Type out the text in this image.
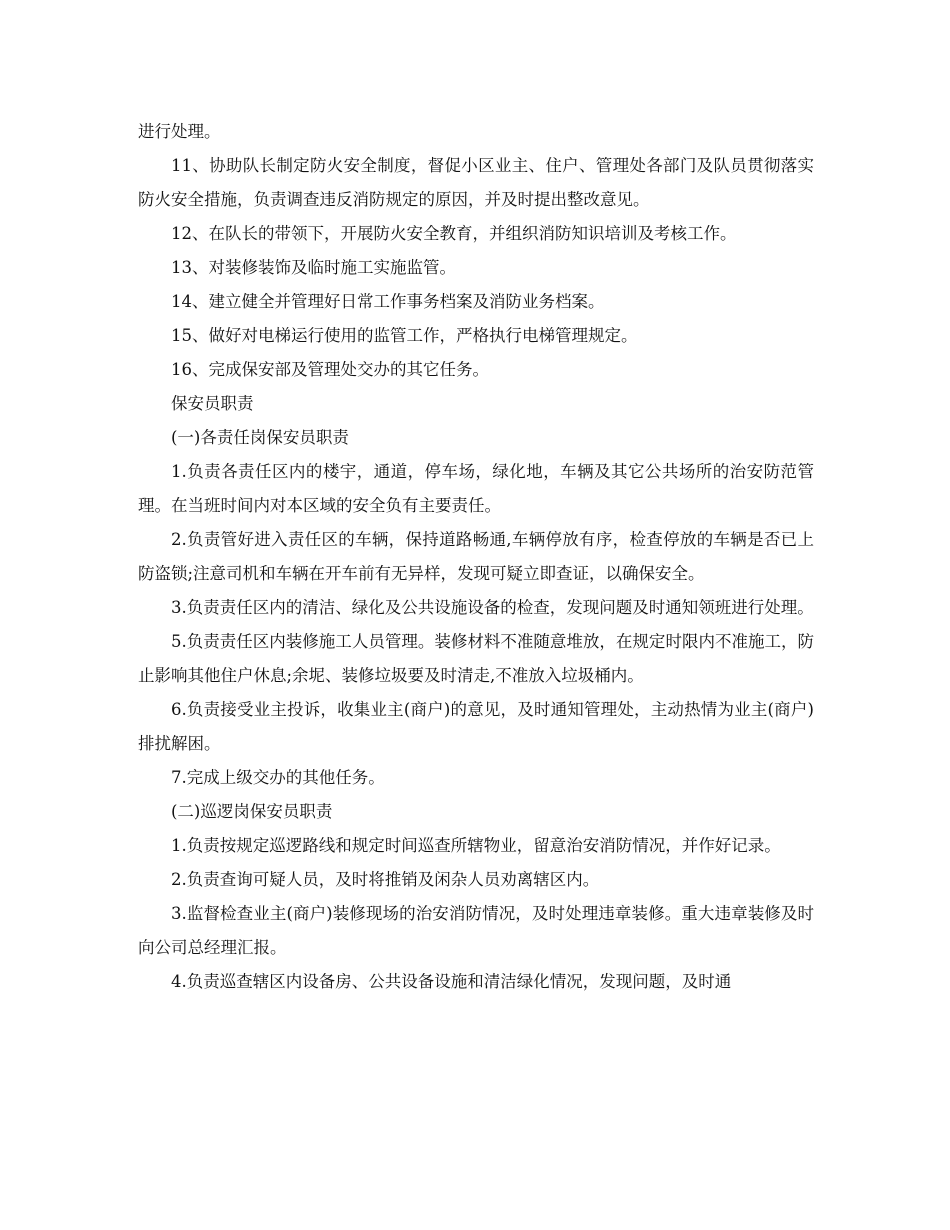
进行处理。

11、协助队长制定防火安全制度，督促小区业主、住户、管理处各部门及队员贯彻落实防火安全措施，负责调查违反消防规定的原因，并及时提出整改意见。

12、在队长的带领下，开展防火安全教育，并组织消防知识培训及考核工作。

13、对装修装饰及临时施工实施监管。

14、建立健全并管理好日常工作事务档案及消防业务档案。

15、做好对电梯运行使用的监管工作，严格执行电梯管理规定。

16、完成保安部及管理处交办的其它任务。

保安员职责

(一)各责任岗保安员职责

1.负责各责任区内的楼宇，通道，停车场，绿化地，车辆及其它公共场所的治安防范管理。在当班时间内对本区域的安全负有主要责任。

2.负责管好进入责任区的车辆，保持道路畅通,车辆停放有序，检查停放的车辆是否已上防盗锁;注意司机和车辆在开车前有无异样，发现可疑立即查证，以确保安全。

3.负责责任区内的清洁、绿化及公共设施设备的检查，发现问题及时通知领班进行处理。

5.负责责任区内装修施工人员管理。装修材料不准随意堆放，在规定时限内不准施工，防止影响其他住户休息;余坭、装修垃圾要及时清走,不准放入垃圾桶内。

6.负责接受业主投诉，收集业主(商户)的意见，及时通知管理处，主动热情为业主(商户)排扰解困。

7.完成上级交办的其他任务。

(二)巡逻岗保安员职责

1.负责按规定巡逻路线和规定时间巡查所辖物业，留意治安消防情况，并作好记录。

2.负责查询可疑人员，及时将推销及闲杂人员劝离辖区内。

3.监督检查业主(商户)装修现场的治安消防情况，及时处理违章装修。重大违章装修及时向公司总经理汇报。

4.负责巡查辖区内设备房、公共设备设施和清洁绿化情况，发现问题，及时通
